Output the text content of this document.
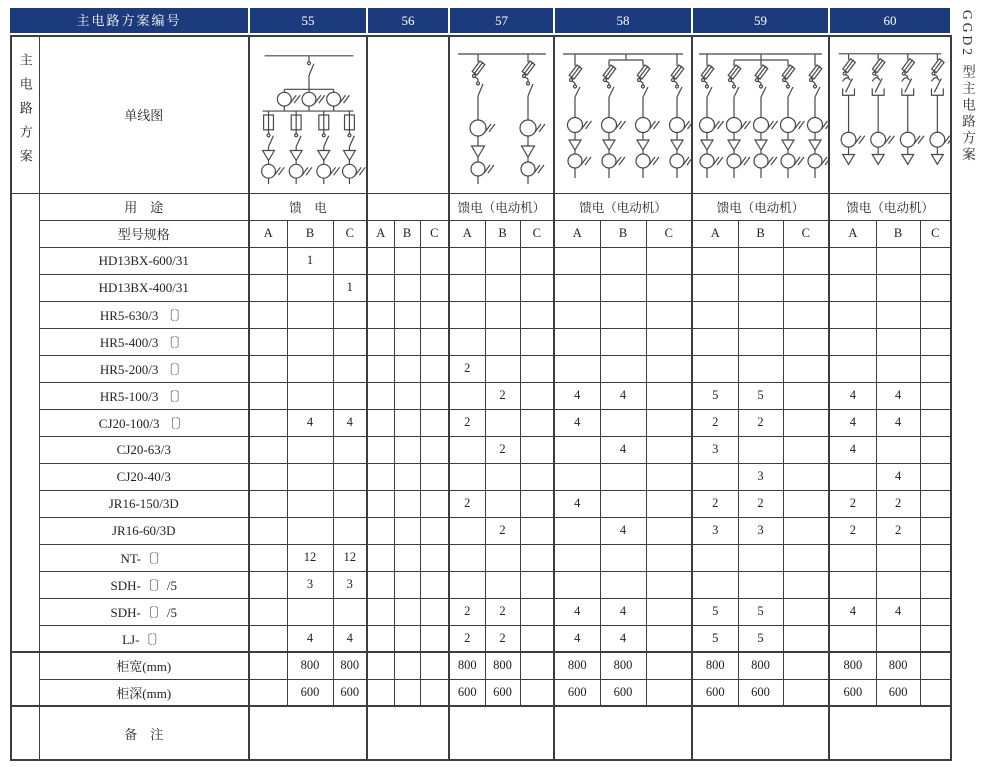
主电路方案编号	55	56	57	58	59	60
主电路方案	单线图	

	用　途	馈　电						馈电（电动机）			馈电（电动机）			馈电（电动机）			馈电（电动机）		
	型号规格	A	B	C	A	B	C	A	B	C	A	B	C	A	B	C	A	B	C
	HD13BX-600/31		1																
	HD13BX-400/31			1															
	HR5-630/3 〔〕																		
	HR5-400/3 〔〕																		
	HR5-200/3 〔〕							2											
	HR5-100/3 〔〕								2		4	4		5	5		4	4	
	CJ20-100/3 〔〕		4	4				2			4			2	2		4	4	
	CJ20-63/3								2			4		3			4		
	CJ20-40/3														3			4	
	JR16-150/3D							2			4			2	2		2	2	
	JR16-60/3D								2			4		3	3		2	2	
	NT-〔〕		12	12															
	SDH-〔〕/5		3	3															
	SDH-〔〕/5							2	2		4	4		5	5		4	4	
	LJ-〔〕		4	4				2	2		4	4		5	5				
	柜宽(mm)		800	800				800	800		800	800		800	800		800	800	
	柜深(mm)		600	600				600	600		600	600		600	600		600	600	
	备　注																		
GGD2 型主电路方案
